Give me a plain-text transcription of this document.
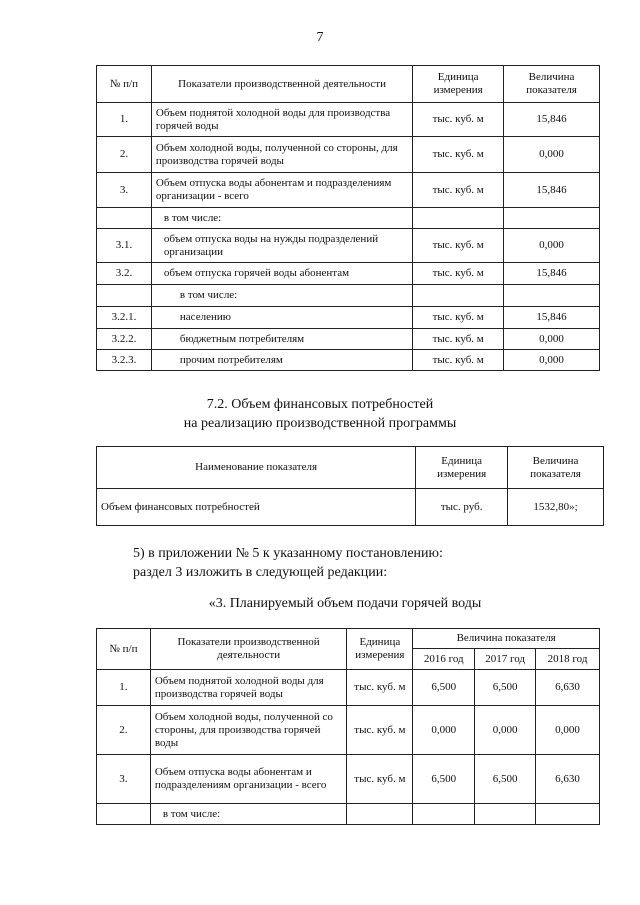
7
№ п/п	Показатели производственной деятельности	Единица измерения	Величина показателя
1.	Объем поднятой холодной воды для производства горячей воды	тыс. куб. м	15,846
2.	Объем холодной воды, полученной со стороны, для производства горячей воды	тыс. куб. м	0,000
3.	Объем отпуска воды абонентам и подразделениям организации - всего	тыс. куб. м	15,846
	в том числе:		
3.1.	объем отпуска воды на нужды подразделений организации	тыс. куб. м	0,000
3.2.	объем отпуска горячей воды абонентам	тыс. куб. м	15,846
	в том числе:		
3.2.1.	населению	тыс. куб. м	15,846
3.2.2.	бюджетным потребителям	тыс. куб. м	0,000
3.2.3.	прочим потребителям	тыс. куб. м	0,000
7.2. Объем финансовых потребностей
на реализацию производственной программы
Наименование показателя	Единица измерения	Величина показателя
Объем финансовых потребностей	тыс. руб.	1532,80»;
5) в приложении № 5 к указанному постановлению:
раздел 3 изложить в следующей редакции:
«3. Планируемый объем подачи горячей воды
№ п/п	Показатели производственной деятельности	Единица измерения	Величина показателя		
			2016 год	2017 год	2018 год
1.	Объем поднятой холодной воды для производства горячей воды	тыс. куб. м	6,500	6,500	6,630
2.	Объем холодной воды, полученной со стороны, для производства горячей воды	тыс. куб. м	0,000	0,000	0,000
3.	Объем отпуска воды абонентам и подразделениям организации - всего	тыс. куб. м	6,500	6,500	6,630
	в том числе:				
